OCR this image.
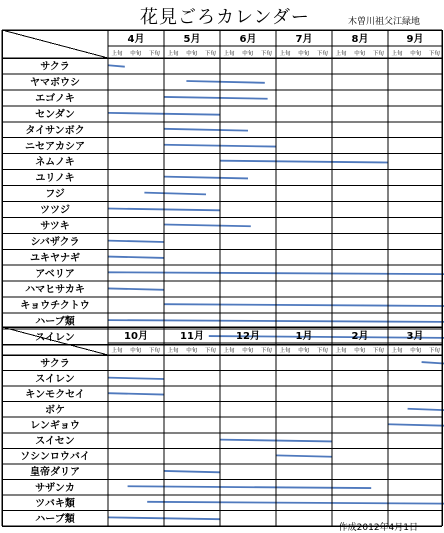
花見ごろカレンダー	木曽川祖父江緑地
4月
上旬 中旬 下旬
5月
上旬 中旬 下旬
6月
上旬 中旬 下旬
7月
上旬 中旬 下旬
8月
上旬 中旬 下旬
9月
上旬 中旬 下旬
サクラ
ヤマボウシ
エゴノキ
センダン
タイサンボク
ニセアカシア
ネムノキ
ユリノキ
フジ
ツツジ
サツキ
シバザクラ
ユキヤナギ
アベリア
ハマヒサカキ
キョウチクトウ
ハーブ類
スイレン	10月
上旬 中旬 下旬
11月
上旬 中旬 下旬
12月
上旬 中旬 下旬
1月
上旬 中旬 下旬
2月
上旬 中旬 下旬
3月
上旬 中旬 下旬
サクラ
スイレン
キンモクセイ
ボケ
レンギョウ
スイセン
ソシンロウバイ
皇帝ダリア
サザンカ
ツバキ類
ハーブ類
作成2012年4月1日
